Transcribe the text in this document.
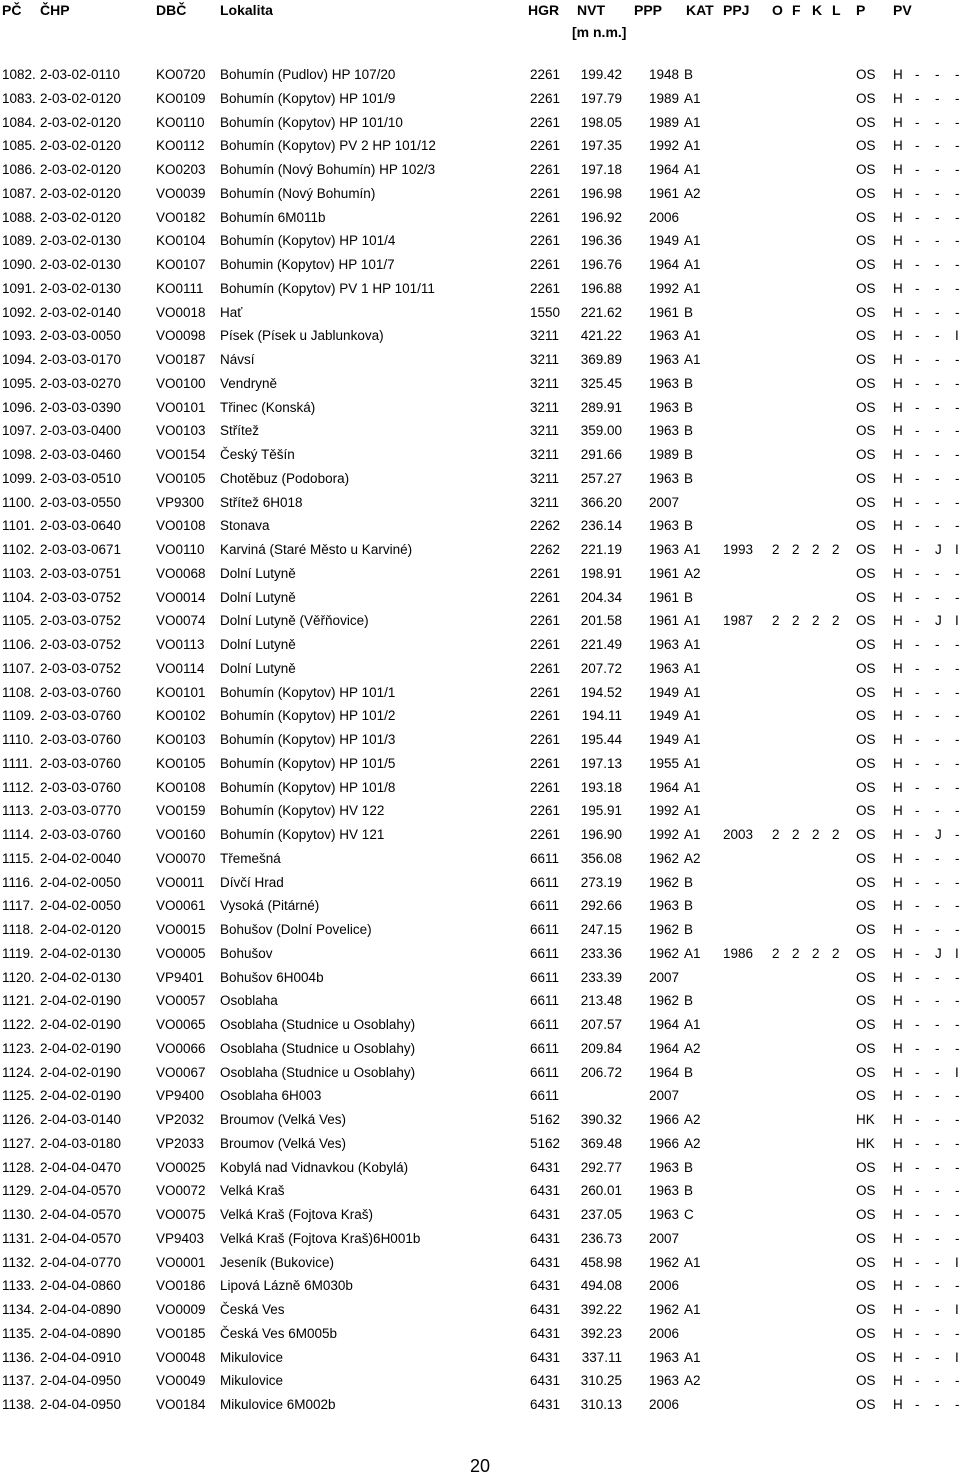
PČ ČHP	DBČ Lokalita	HGR NVT PPP KAT PPJ O F K L P PV
[m n.m.]
1082. 2-03-02-0110	KO0720 Bohumín (Pudlov) HP 107/20	2261	199.42 1948 B	OS H - - -
1083. 2-03-02-0120	KO0109 Bohumín (Kopytov) HP 101/9	2261	197.79 1989 A1	OS H - - -
1084. 2-03-02-0120	KO0110 Bohumín (Kopytov) HP 101/10	2261	198.05 1989 A1	OS H - - -
1085. 2-03-02-0120	KO0112 Bohumín (Kopytov) PV 2 HP 101/12	2261	197.35 1992 A1	OS H - - -
1086. 2-03-02-0120	KO0203 Bohumín (Nový Bohumín) HP 102/3	2261	197.18 1964 A1	OS H - - -
1087. 2-03-02-0120	VO0039 Bohumín (Nový Bohumín)	2261	196.98 1961 A2	OS H - - -
1088. 2-03-02-0120	VO0182 Bohumín 6M011b	2261	196.92 2006	OS H - - -
1089. 2-03-02-0130	KO0104 Bohumín (Kopytov) HP 101/4	2261	196.36 1949 A1	OS H - - -
1090. 2-03-02-0130	KO0107 Bohumin (Kopytov) HP 101/7	2261	196.76 1964 A1	OS H - - -
1091. 2-03-02-0130	KO0111 Bohumín (Kopytov) PV 1 HP 101/11	2261	196.88 1992 A1	OS H - - -
1092. 2-03-02-0140	VO0018 Hať	1550	221.62 1961 B	OS H - - -
1093. 2-03-03-0050	VO0098 Písek (Písek u Jablunkova)	3211	421.22 1963 A1	OS H - - I
1094. 2-03-03-0170	VO0187 Návsí	3211	369.89 1963 A1	OS H - - -
1095. 2-03-03-0270	VO0100 Vendryně	3211	325.45 1963 B	OS H - - -
1096. 2-03-03-0390	VO0101 Třinec (Konská)	3211	289.91 1963 B	OS H - - -
1097. 2-03-03-0400	VO0103 Střítež	3211	359.00 1963 B	OS H - - -
1098. 2-03-03-0460	VO0154 Český Těšín	3211	291.66 1989 B	OS H - - -
1099. 2-03-03-0510	VO0105 Chotěbuz (Podobora)	3211	257.27 1963 B	OS H - - -
1100. 2-03-03-0550	VP9300 Střítež 6H018	3211	366.20 2007	OS H - - -
1101. 2-03-03-0640	VO0108 Stonava	2262	236.14 1963 B	OS H - - -
1102. 2-03-03-0671	VO0110 Karviná (Staré Město u Karviné)	2262	221.19 1963 A1 1993 2 2 2 2 OS H - J I
1103. 2-03-03-0751	VO0068 Dolní Lutyně	2261	198.91 1961 A2	OS H - - -
1104. 2-03-03-0752	VO0014 Dolní Lutyně	2261	204.34 1961 B	OS H - - -
1105. 2-03-03-0752	VO0074 Dolní Lutyně (Věřňovice)	2261	201.58 1961 A1 1987 2 2 2 2 OS H - J I
1106. 2-03-03-0752	VO0113 Dolní Lutyně	2261	221.49 1963 A1	OS H - - -
1107. 2-03-03-0752	VO0114 Dolní Lutyně	2261	207.72 1963 A1	OS H - - -
1108. 2-03-03-0760	KO0101 Bohumín (Kopytov) HP 101/1	2261	194.52 1949 A1	OS H - - -
1109. 2-03-03-0760	KO0102 Bohumín (Kopytov) HP 101/2	2261	194.11 1949 A1	OS H - - -
1110. 2-03-03-0760	KO0103 Bohumín (Kopytov) HP 101/3	2261	195.44 1949 A1	OS H - - -
1111. 2-03-03-0760	KO0105 Bohumín (Kopytov) HP 101/5	2261	197.13 1955 A1	OS H - - -
1112. 2-03-03-0760	KO0108 Bohumín (Kopytov) HP 101/8	2261	193.18 1964 A1	OS H - - -
1113. 2-03-03-0770	VO0159 Bohumín (Kopytov) HV 122	2261	195.91 1992 A1	OS H - - -
1114. 2-03-03-0760	VO0160 Bohumín (Kopytov) HV 121	2261	196.90 1992 A1 2003 2 2 2 2 OS H - J -
1115. 2-04-02-0040	VO0070 Třemešná	6611	356.08 1962 A2	OS H - - -
1116. 2-04-02-0050	VO0011 Dívčí Hrad	6611	273.19 1962 B	OS H - - -
1117. 2-04-02-0050	VO0061 Vysoká (Pitárné)	6611	292.66 1963 B	OS H - - -
1118. 2-04-02-0120	VO0015 Bohušov (Dolní Povelice)	6611	247.15 1962 B	OS H - - -
1119. 2-04-02-0130	VO0005 Bohušov	6611	233.36 1962 A1 1986 2 2 2 2 OS H - J I
1120. 2-04-02-0130	VP9401 Bohušov 6H004b	6611	233.39 2007	OS H - - -
1121. 2-04-02-0190	VO0057 Osoblaha	6611	213.48 1962 B	OS H - - -
1122. 2-04-02-0190	VO0065 Osoblaha (Studnice u Osoblahy)	6611	207.57 1964 A1	OS H - - -
1123. 2-04-02-0190	VO0066 Osoblaha (Studnice u Osoblahy)	6611	209.84 1964 A2	OS H - - -
1124. 2-04-02-0190	VO0067 Osoblaha (Studnice u Osoblahy)	6611	206.72 1964 B	OS H - - I
1125. 2-04-02-0190	VP9400 Osoblaha 6H003	6611	2007	OS H - - -
1126. 2-04-03-0140	VP2032 Broumov (Velká Ves)	5162	390.32 1966 A2	HK H - - -
1127. 2-04-03-0180	VP2033 Broumov (Velká Ves)	5162	369.48 1966 A2	HK H - - -
1128. 2-04-04-0470	VO0025 Kobylá nad Vidnavkou (Kobylá)	6431	292.77 1963 B	OS H - - -
1129. 2-04-04-0570	VO0072 Velká Kraš	6431	260.01 1963 B	OS H - - -
1130. 2-04-04-0570	VO0075 Velká Kraš (Fojtova Kraš)	6431	237.05 1963 C	OS H - - -
1131. 2-04-04-0570	VP9403 Velká Kraš (Fojtova Kraš)6H001b	6431	236.73 2007	OS H - - -
1132. 2-04-04-0770	VO0001 Jeseník (Bukovice)	6431	458.98 1962 A1	OS H - - I
1133. 2-04-04-0860	VO0186 Lipová Lázně 6M030b	6431	494.08 2006	OS H - - -
1134. 2-04-04-0890	VO0009 Česká Ves	6431	392.22 1962 A1	OS H - - I
1135. 2-04-04-0890	VO0185 Česká Ves 6M005b	6431	392.23 2006	OS H - - -
1136. 2-04-04-0910	VO0048 Mikulovice	6431	337.11 1963 A1	OS H - - I
1137. 2-04-04-0950	VO0049 Mikulovice	6431	310.25 1963 A2	OS H - - -
1138. 2-04-04-0950	VO0184 Mikulovice 6M002b	6431	310.13 2006	OS H - - -
20
